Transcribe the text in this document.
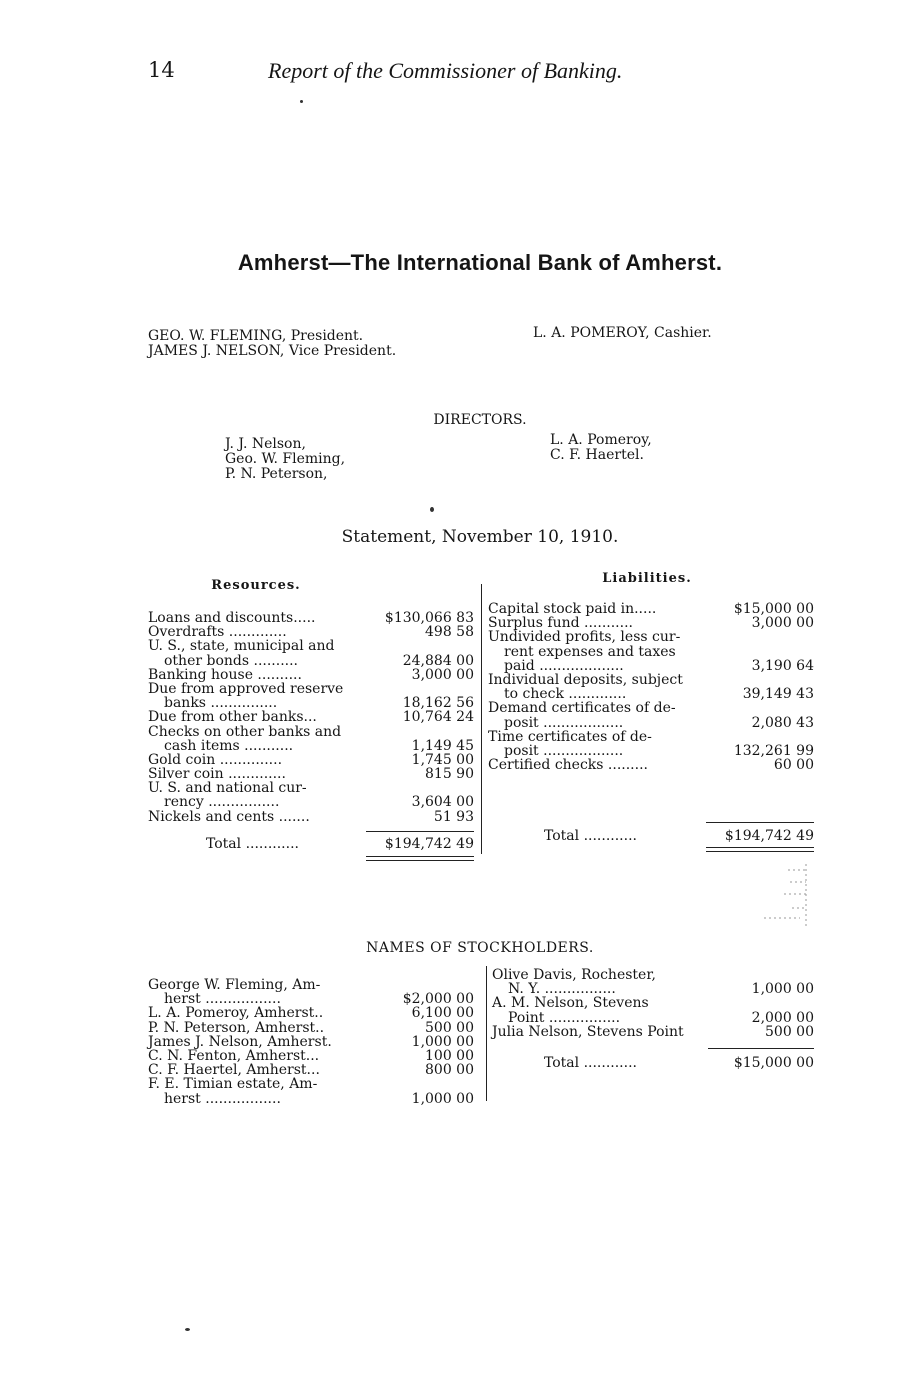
14	Report of the Commissioner of Banking.
Amherst—The International Bank of Amherst.
GEO. W. FLEMING, President.
JAMES J. NELSON, Vice President.
L. A. POMEROY, Cashier.
DIRECTORS.
J. J. Nelson,
Geo. W. Fleming,
P. N. Peterson,
L. A. Pomeroy,
C. F. Haertel.
Statement, November 10, 1910.
Resources.
Loans and discounts.....	$130,066 83
Overdrafts .............	498 58
U. S., state, municipal and
other bonds ..........	24,884 00
Banking house ..........	3,000 00
Due from approved reserve
banks ...............	18,162 56
Due from other banks...	10,764 24
Checks on other banks and
cash items ...........	1,149 45
Gold coin ..............	1,745 00
Silver coin .............	815 90
U. S. and national cur-
rency ................	3,604 00
Nickels and cents .......	51 93
Total ............	$194,742 49
Liabilities.
Capital stock paid in.....	$15,000 00
Surplus fund ...........	3,000 00
Undivided profits, less cur-
rent expenses and taxes
paid ...................	3,190 64
Individual deposits, subject
to check .............	39,149 43
Demand certificates of de-
posit ..................	2,080 43
Time certificates of de-
posit ..................	132,261 99
Certified checks .........	60 00
Total ............	$194,742 49
NAMES OF STOCKHOLDERS.
George W. Fleming, Am-
herst .................	$2,000 00
L. A. Pomeroy, Amherst..	6,100 00
P. N. Peterson, Amherst..	500 00
James J. Nelson, Amherst.	1,000 00
C. N. Fenton, Amherst...	100 00
C. F. Haertel, Amherst...	800 00
F. E. Timian estate, Am-
herst .................	1,000 00
Olive Davis, Rochester,
N. Y. ................	1,000 00
A. M. Nelson, Stevens
Point ................	2,000 00
Julia Nelson, Stevens Point	500 00
Total ............	$15,000 00
